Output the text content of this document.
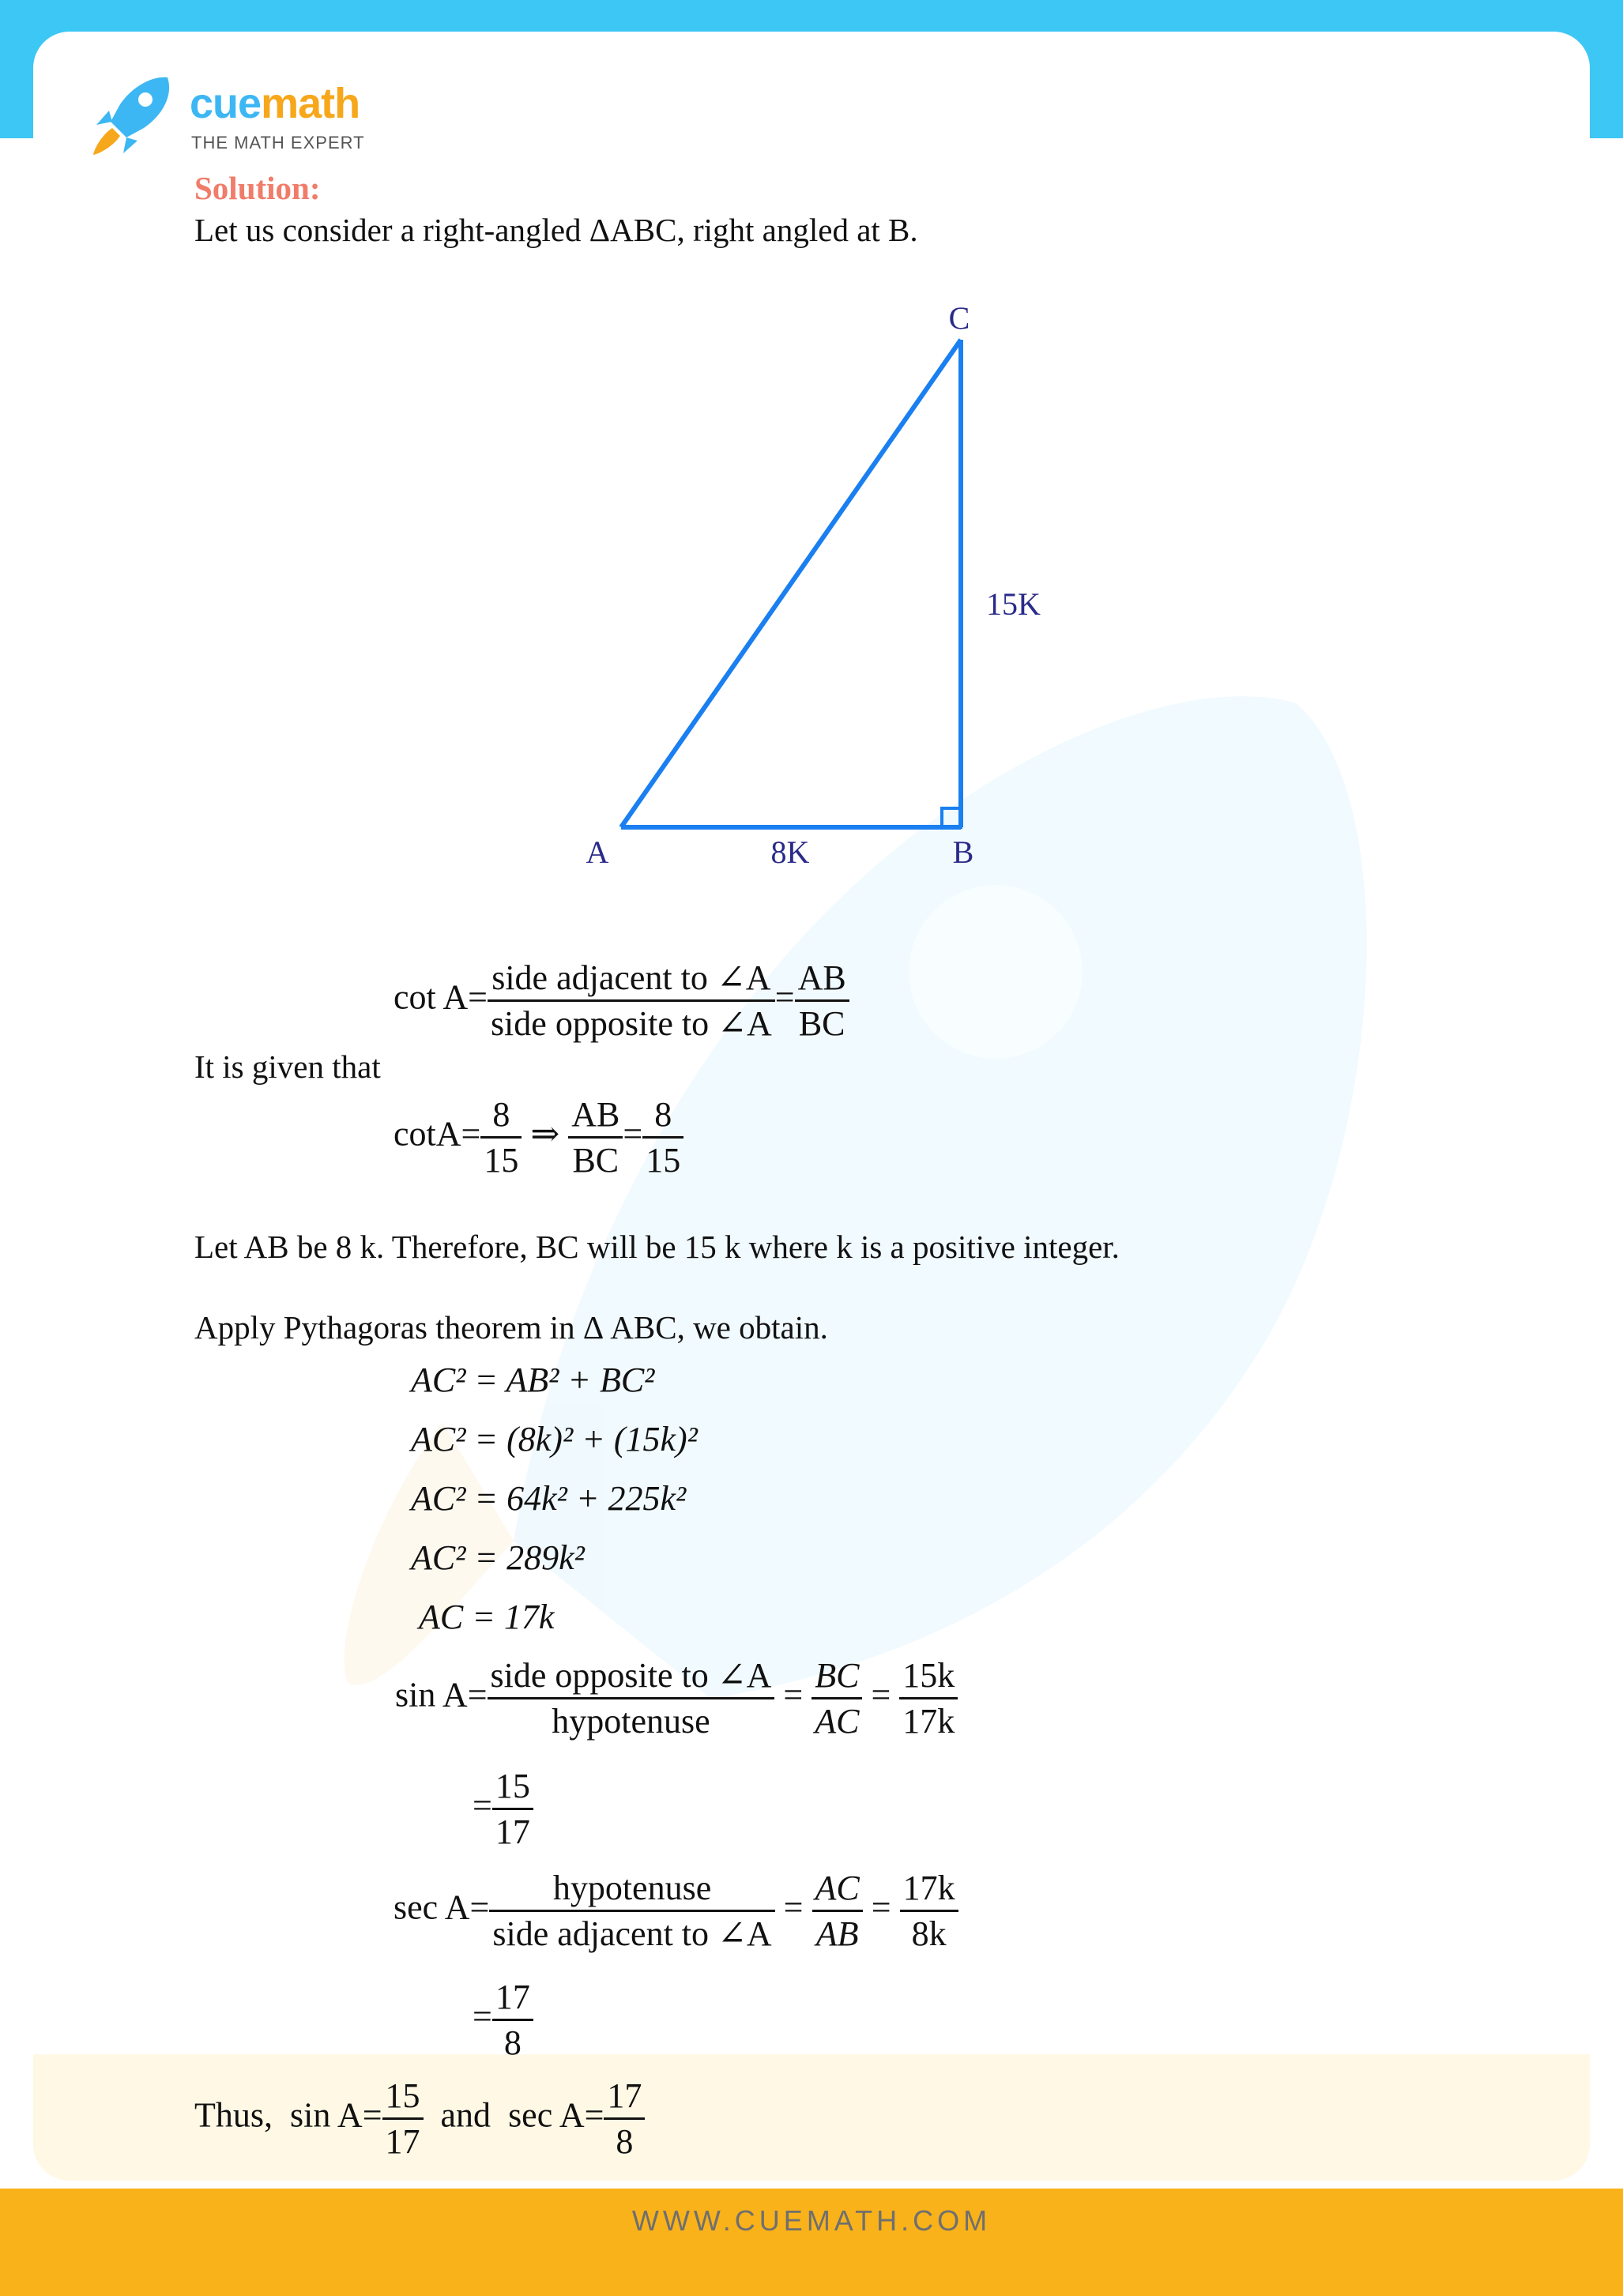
cuemath
THE MATH EXPERT
Solution:
Let us consider a right-angled ΔABC, right angled at B.
C
A	B
8K
15K
$\cot A= \frac{\text{side adjacent to ∠A}}{\text{side opposite to ∠A}} = \frac{AB}{BC}$
It is given that
$\cot A= \frac{8}{15}$ ⇒ $\frac{AB}{BC} = \frac{8}{15}$
Let AB be 8 k. Therefore, BC will be 15 k where k is a positive integer.
Apply Pythagoras theorem in Δ ABC, we obtain.
AC² = AB² + BC²
AC² = (8k)² + (15k)²
AC² = 64k² + 225k²
AC² = 289k²
AC = 17k
$\sin A= \frac{\text{side opposite to ∠A}}{\text{hypotenuse}} = \frac{BC}{AC} = \frac{15k}{17k}$
= $\frac{15}{17}$
$\sec A= \frac{\text{hypotenuse}}{\text{side adjacent to ∠A}} = \frac{AC}{AB} = \frac{17k}{8k}$
= $\frac{17}{8}$
Thus, $\sin A= \frac{15}{17}$ and $\sec A= \frac{17}{8}$
WWW.CUEMATH.COM
